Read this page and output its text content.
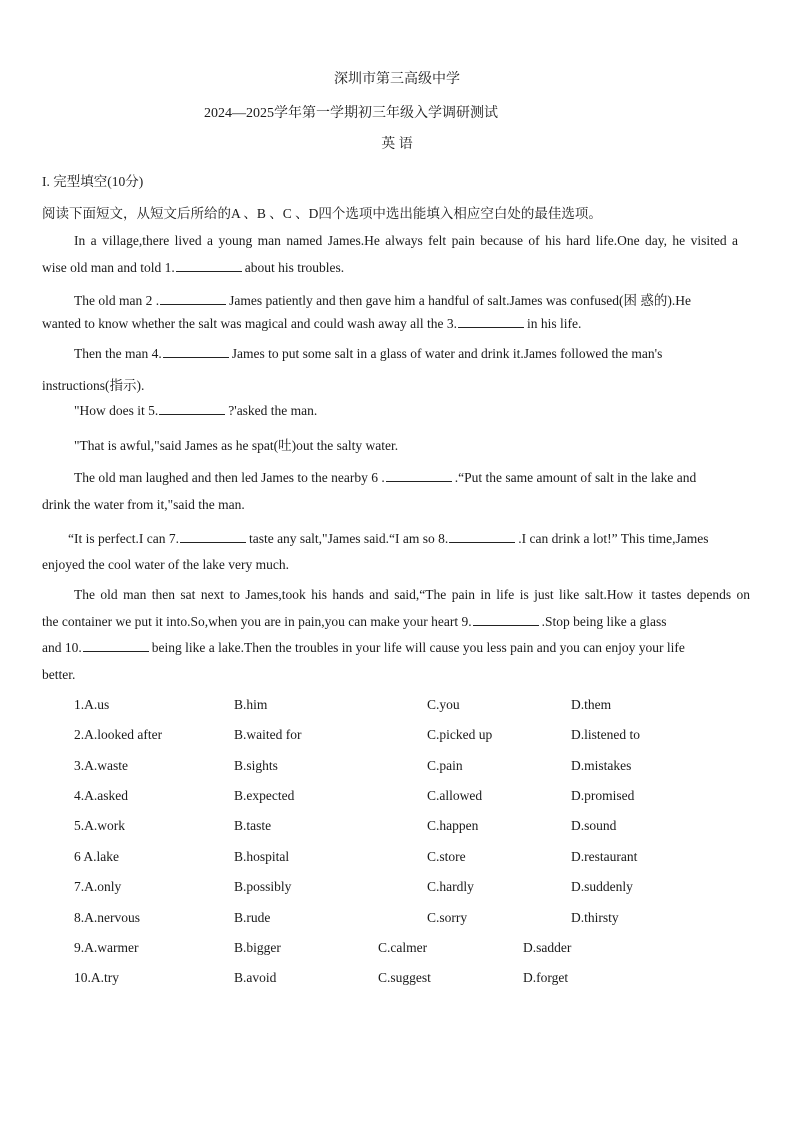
深圳市第三高级中学
2024—2025学年第一学期初三年级入学调研测试
英 语
I. 完型填空(10分)
阅读下面短文，从短文后所给的A 、B 、C 、D四个选项中选出能填入相应空白处的最佳选项。
In a village,there lived a young man named James.He always felt pain because of his hard life.One day, he visited a
wise old man and told 1.	about his troubles.
The old man 2 .	James patiently and then gave him a handful of salt.James was confused(困 惑的).He
wanted to know whether the salt was magical and could wash away all the 3.	in his life.
Then the man 4.	James to put some salt in a glass of water and drink it.James followed the man's
instructions(指示).
"How does it 5.	?'asked the man.
"That is awful,"said James as he spat(吐)out the salty water.
The old man laughed and then led James to the nearby 6 .	.“Put the same amount of salt in the lake and
drink the water from it,"said the man.
“It is perfect.I can 7.	taste any salt,"James said.“I am so 8.	.I can drink a lot!” This time,James
enjoyed the cool water of the lake very much.
The old man then sat next to James,took his hands and said,“The pain in life is just like salt.How it tastes depends on
the container we put it into.So,when you are in pain,you can make your heart 9.	.Stop being like a glass
and 10.	being like a lake.Then the troubles in your life will cause you less pain and you can enjoy your life
better.
1.A.us	B.him	C.you	D.them
2.A.looked after	B.waited for	C.picked up	D.listened to
3.A.waste	B.sights	C.pain	D.mistakes
4.A.asked	B.expected	C.allowed	D.promised
5.A.work	B.taste	C.happen	D.sound
6 A.lake	B.hospital	C.store	D.restaurant
7.A.only	B.possibly	C.hardly	D.suddenly
8.A.nervous	B.rude	C.sorry	D.thirsty
9.A.warmer	B.bigger	C.calmer	D.sadder
10.A.try	B.avoid	C.suggest	D.forget
